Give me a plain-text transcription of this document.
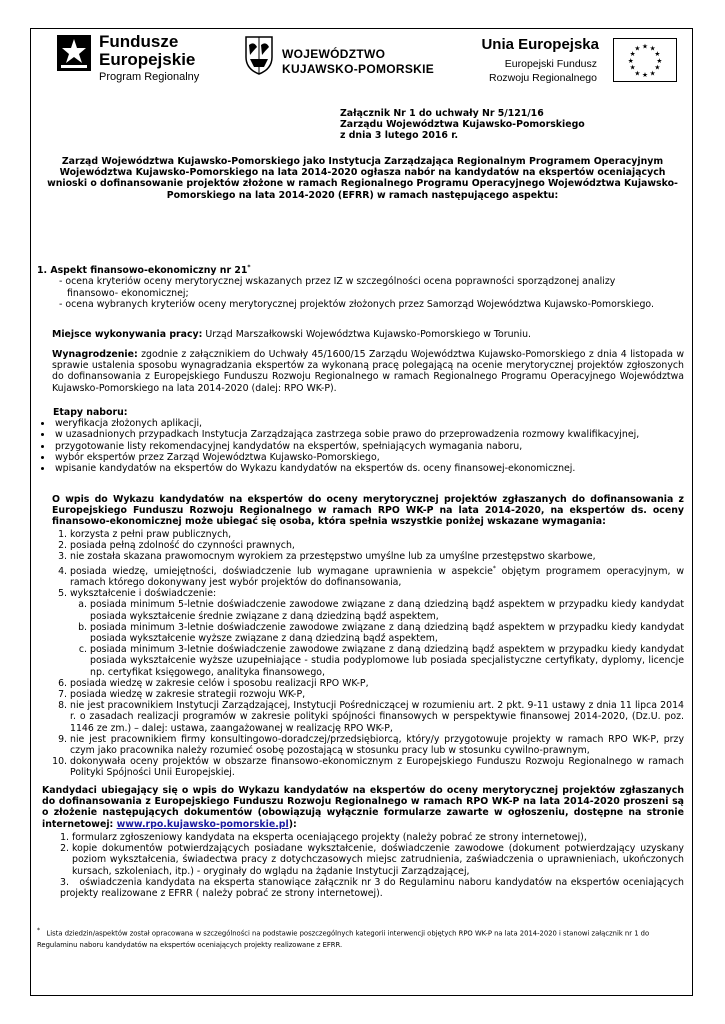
Fundusze
Europejskie
Program Regionalny
WOJEWÓDZTWO
KUJAWSKO-POMORSKIE
Unia Europejska
Europejski Fundusz
Rozwoju Regionalnego
★ ★
★
★
★
★
★
★
★
★
★
★
Załącznik Nr 1 do uchwały Nr 5/121/16
Zarządu Województwa Kujawsko-Pomorskiego
z dnia 3 lutego 2016 r.
Zarząd Województwa Kujawsko-Pomorskiego jako Instytucja Zarządzająca Regionalnym Programem Operacyjnym Województwa Kujawsko-Pomorskiego na lata 2014-2020 ogłasza nabór na kandydatów na ekspertów oceniających wnioski o dofinansowanie projektów złożone w ramach Regionalnego Programu Operacyjnego Województwa Kujawsko-Pomorskiego na lata 2014-2020 (EFRR) w ramach następującego aspektu:
1. Aspekt finansowo-ekonomiczny nr 21*
- ocena kryteriów oceny merytorycznej wskazanych przez IZ w szczególności ocena poprawności sporządzonej analizy
finansowo- ekonomicznej;
- ocena wybranych kryteriów oceny merytorycznej projektów złożonych przez Samorząd Województwa Kujawsko-Pomorskiego.
Miejsce wykonywania pracy: Urząd Marszałkowski Województwa Kujawsko-Pomorskiego w Toruniu.
Wynagrodzenie: zgodnie z załącznikiem do Uchwały 45/1600/15 Zarządu Województwa Kujawsko-Pomorskiego z dnia 4 listopada w sprawie ustalenia sposobu wynagradzania ekspertów za wykonaną pracę polegającą na ocenie merytorycznej projektów zgłoszonych do dofinansowania z Europejskiego Funduszu Rozwoju Regionalnego w ramach Regionalnego Programu Operacyjnego Województwa Kujawsko-Pomorskiego na lata 2014-2020 (dalej: RPO WK-P).
Etapy naboru:
• weryfikacja złożonych aplikacji,
• w uzasadnionych przypadkach Instytucja Zarządzająca zastrzega sobie prawo do przeprowadzenia rozmowy kwalifikacyjnej,
• przygotowanie listy rekomendacyjnej kandydatów na ekspertów, spełniających wymagania naboru,
• wybór ekspertów przez Zarząd Województwa Kujawsko-Pomorskiego,
• wpisanie kandydatów na ekspertów do Wykazu kandydatów na ekspertów ds. oceny finansowej-ekonomicznej.
O wpis do Wykazu kandydatów na ekspertów do oceny merytorycznej projektów zgłaszanych do dofinansowania z Europejskiego Funduszu Rozwoju Regionalnego w ramach RPO WK-P na lata 2014-2020, na ekspertów ds. oceny finansowo-ekonomicznej może ubiegać się osoba, która spełnia wszystkie poniżej wskazane wymagania:
1. korzysta z pełni praw publicznych,
2. posiada pełną zdolność do czynności prawnych,
3. nie została skazana prawomocnym wyrokiem za przestępstwo umyślne lub za umyślne przestępstwo skarbowe,
4. posiada wiedzę, umiejętności, doświadczenie lub wymagane uprawnienia w aspekcie* objętym programem operacyjnym, w ramach którego dokonywany jest wybór projektów do dofinansowania,
5. wykształcenie i doświadczenie:
a. posiada minimum 5-letnie doświadczenie zawodowe związane z daną dziedziną bądź aspektem w przypadku kiedy kandydat posiada wykształcenie średnie związane z daną dziedziną bądź aspektem,
b. posiada minimum 3-letnie doświadczenie zawodowe związane z daną dziedziną bądź aspektem w przypadku kiedy kandydat posiada wykształcenie wyższe związane z daną dziedziną bądź aspektem,
c. posiada minimum 3-letnie doświadczenie zawodowe związane z daną dziedziną bądź aspektem w przypadku kiedy kandydat posiada wykształcenie wyższe uzupełniające - studia podyplomowe lub posiada specjalistyczne certyfikaty, dyplomy, licencje np. certyfikat księgowego, analityka finansowego,
6. posiada wiedzę w zakresie celów i sposobu realizacji RPO WK-P,
7. posiada wiedzę w zakresie strategii rozwoju WK-P,
8. nie jest pracownikiem Instytucji Zarządzającej, Instytucji Pośredniczącej w rozumieniu art. 2 pkt. 9-11 ustawy z dnia 11 lipca 2014 r. o zasadach realizacji programów w zakresie polityki spójności finansowych w perspektywie finansowej 2014-2020, (Dz.U. poz. 1146 ze zm.) – dalej: ustawa, zaangażowanej w realizację RPO WK-P,
9. nie jest pracownikiem firmy konsultingowo-doradczej/przedsiębiorcą, który/y przygotowuje projekty w ramach RPO WK-P, przy czym jako pracownika należy rozumieć osobę pozostającą w stosunku pracy lub w stosunku cywilno-prawnym,
10. dokonywała oceny projektów w obszarze finansowo-ekonomicznym z Europejskiego Funduszu Rozwoju Regionalnego w ramach Polityki Spójności Unii Europejskiej.
Kandydaci ubiegający się o wpis do Wykazu kandydatów na ekspertów do oceny merytorycznej projektów zgłaszanych do dofinansowania z Europejskiego Funduszu Rozwoju Regionalnego w ramach RPO WK-P na lata 2014-2020 proszeni są o złożenie następujących dokumentów (obowiązują wyłącznie formularze zawarte w ogłoszeniu, dostępne na stronie internetowej: www.rpo.kujawsko-pomorskie.pl):
1. formularz zgłoszeniowy kandydata na eksperta oceniającego projekty (należy pobrać ze strony internetowej),
2. kopie dokumentów potwierdzających posiadane wykształcenie, doświadczenie zawodowe (dokument potwierdzający uzyskany poziom wykształcenia, świadectwa pracy z dotychczasowych miejsc zatrudnienia, zaświadczenia o uprawnieniach, ukończonych kursach, szkoleniach, itp.) - oryginały do wglądu na żądanie Instytucji Zarządzającej,
3. oświadczenia kandydata na eksperta stanowiące załącznik nr 3 do Regulaminu naboru kandydatów na ekspertów oceniających projekty realizowane z EFRR ( należy pobrać ze strony internetowej).
* Lista dziedzin/aspektów został opracowana w szczególności na podstawie poszczególnych kategorii interwencji objętych RPO WK-P na lata 2014-2020 i stanowi załącznik nr 1 do Regulaminu naboru kandydatów na ekspertów oceniających projekty realizowane z EFRR.
